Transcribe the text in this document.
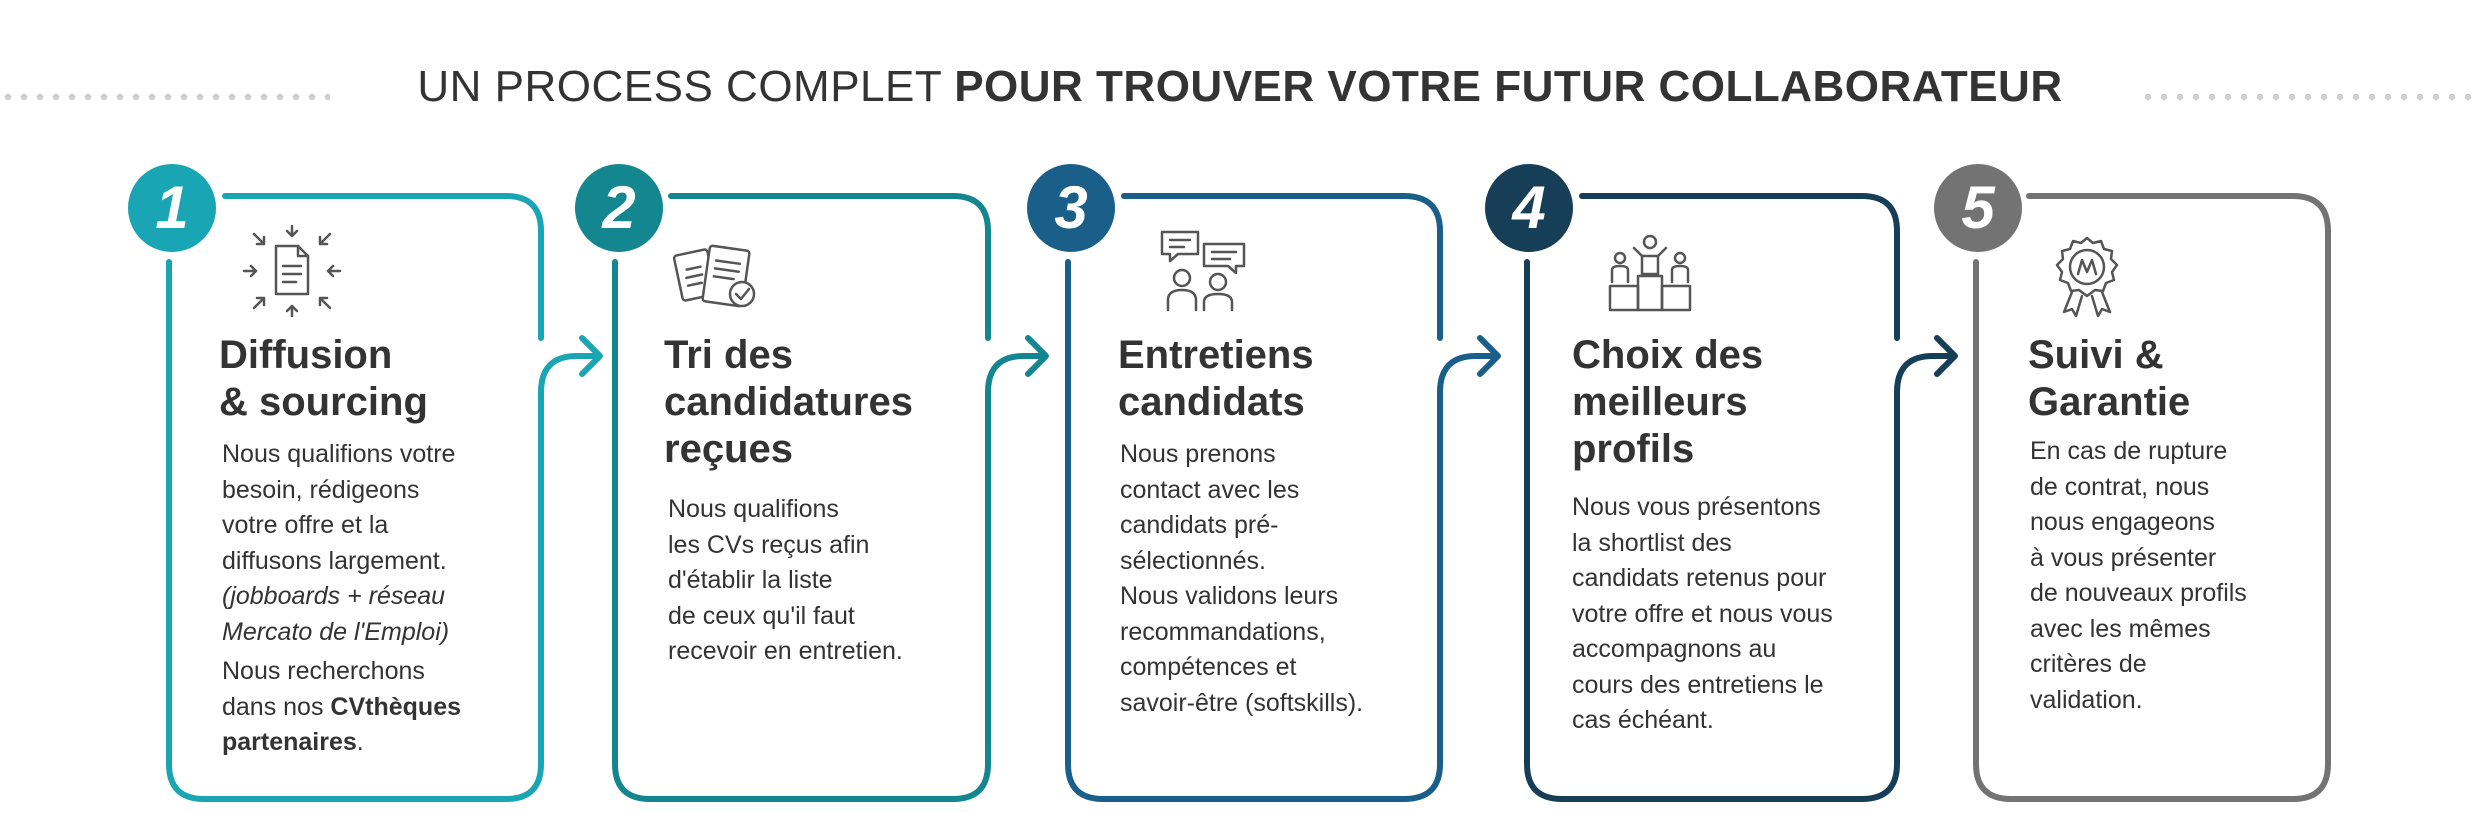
UN PROCESS COMPLET POUR TROUVER VOTRE FUTUR COLLABORATEUR
1	2	3	4	5
Diffusion
& sourcing
Nous qualifions votre
besoin, rédigeons
votre offre et la
diffusons largement.
(jobboards + réseau
Mercato de l'Emploi)
Nous recherchons
dans nos CVthèques
partenaires.
Tri des
candidatures
reçues
Nous qualifions
les CVs reçus afin
d'établir la liste
de ceux qu'il faut
recevoir en entretien.
Entretiens
candidats
Nous prenons
contact avec les
candidats pré-
sélectionnés.
Nous validons leurs
recommandations,
compétences et
savoir-être (softskills).
Choix des
meilleurs
profils
Nous vous présentons
la shortlist des
candidats retenus pour
votre offre et nous vous
accompagnons au
cours des entretiens le
cas échéant.
Suivi &
Garantie
En cas de rupture
de contrat, nous
nous engageons
à vous présenter
de nouveaux profils
avec les mêmes
critères de
validation.
